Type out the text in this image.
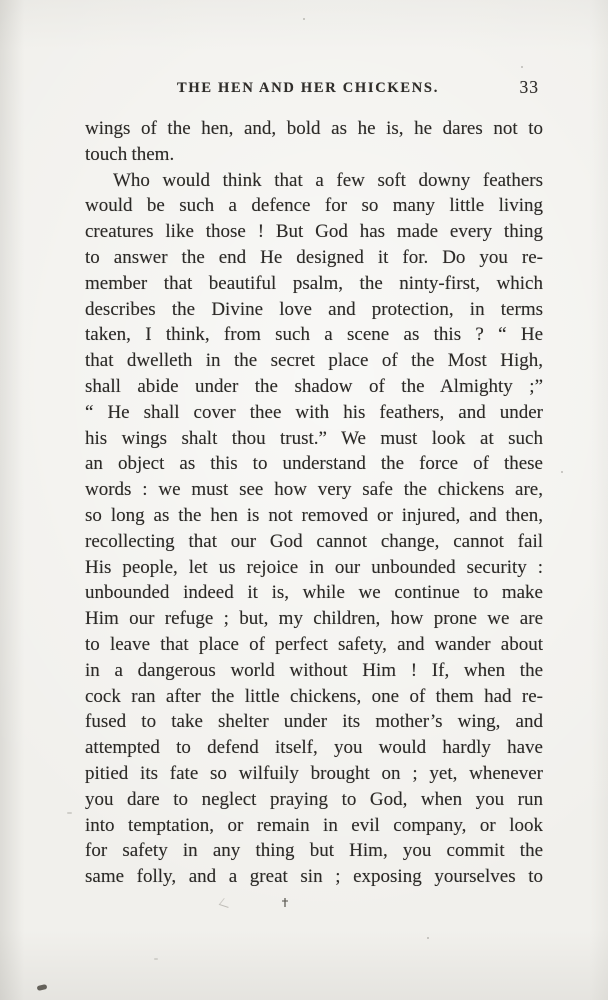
THE HEN AND HER CHICKENS.	33
wings of the hen, and, bold as he is, he dares not to
touch them.
Who would think that a few soft downy feathers
would be such a defence for so many little living
creatures like those ! But God has made every thing
to answer the end He designed it for. Do you re-
member that beautiful psalm, the ninty-first, which
describes the Divine love and protection, in terms
taken, I think, from such a scene as this ? “ He
that dwelleth in the secret place of the Most High,
shall abide under the shadow of the Almighty ;”
“ He shall cover thee with his feathers, and under
his wings shalt thou trust.” We must look at such
an object as this to understand the force of these
words : we must see how very safe the chickens are,
so long as the hen is not removed or injured, and then,
recollecting that our God cannot change, cannot fail
His people, let us rejoice in our unbounded security :
unbounded indeed it is, while we continue to make
Him our refuge ; but, my children, how prone we are
to leave that place of perfect safety, and wander about
in a dangerous world without Him ! If, when the
cock ran after the little chickens, one of them had re-
fused to take shelter under its mother’s wing, and
attempted to defend itself, you would hardly have
pitied its fate so wilfuily brought on ; yet, whenever
you dare to neglect praying to God, when you run
into temptation, or remain in evil company, or look
for safety in any thing but Him, you commit the
same folly, and a great sin ; exposing yourselves to
